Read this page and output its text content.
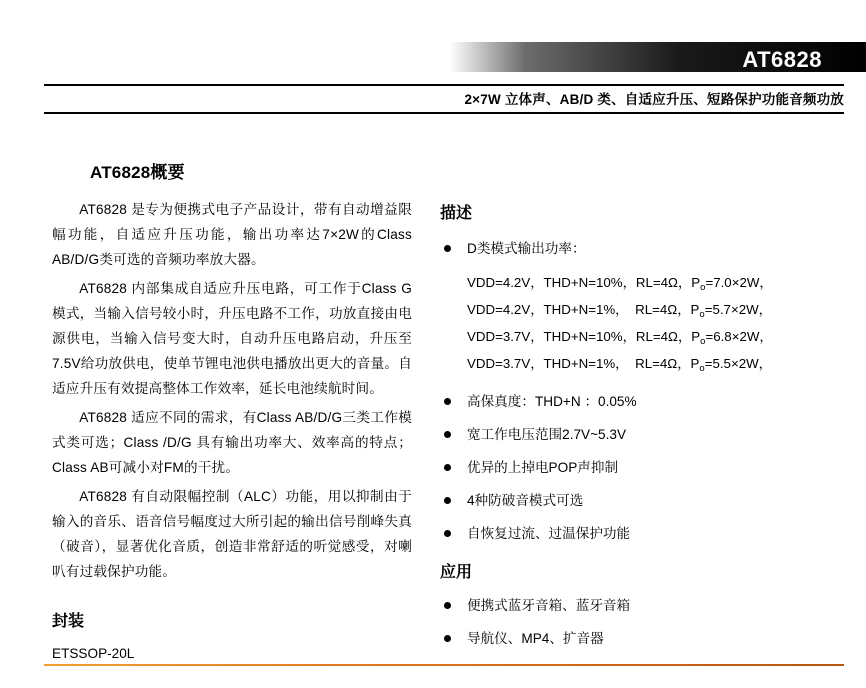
AT6828
2×7W 立体声、AB/D 类、自适应升压、短路保护功能音频功放
AT6828概要

AT6828 是专为便携式电子产品设计，带有自动增益限幅功能，自适应升压功能，输出功率达7×2W的Class AB/D/G类可选的音频功率放大器。

AT6828 内部集成自适应升压电路，可工作于Class G模式，当输入信号较小时，升压电路不工作，功放直接由电源供电，当输入信号变大时，自动升压电路启动，升压至7.5V给功放供电，使单节锂电池供电播放出更大的音量。自适应升压有效提高整体工作效率，延长电池续航时间。

AT6828 适应不同的需求，有Class AB/D/G三类工作模式类可选；Class /D/G 具有输出功率大、效率高的特点；Class AB可减小对FM的干扰。

AT6828 有自动限幅控制（ALC）功能，用以抑制由于输入的音乐、语音信号幅度过大所引起的输出信号削峰失真（破音），显著优化音质，创造非常舒适的听觉感受，对喇叭有过载保护功能。

封装

ETSSOP-20L

描述
D类模式输出功率：
VDD=4.2V，THD+N=10%，RL=4Ω，$P_o=7.0\times 2W$，
VDD=4.2V，THD+N=1%，　RL=4Ω，$P_o=5.7\times 2W$，
VDD=3.7V，THD+N=10%，RL=4Ω，$P_o=6.8\times 2W$，
VDD=3.7V，THD+N=1%，　RL=4Ω，$P_o=5.5\times 2W$，
高保真度：THD+N ：0.05%
宽工作电压范围2.7V~5.3V
优异的上掉电POP声抑制
4种防破音模式可选
自恢复过流、过温保护功能
应用
便携式蓝牙音箱、蓝牙音箱
导航仪、MP4、扩音器
